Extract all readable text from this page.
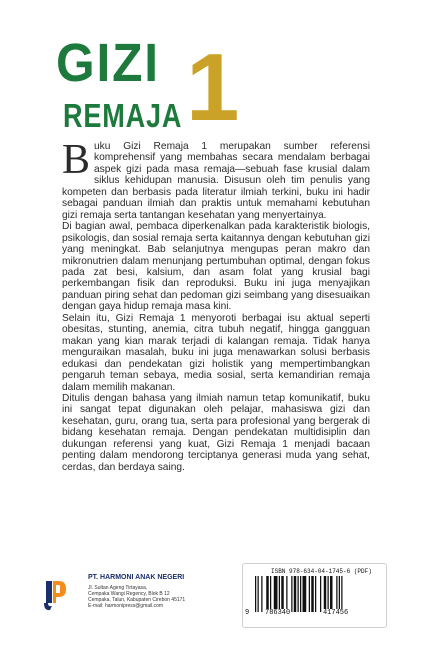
GIZI
REMAJA 1

Buku Gizi Remaja 1 merupakan sumber referensi komprehensif yang membahas secara mendalam berbagai aspek gizi pada masa remaja—sebuah fase krusial dalam siklus kehidupan manusia. Disusun oleh tim penulis yang kompeten dan berbasis pada literatur ilmiah terkini, buku ini hadir sebagai panduan ilmiah dan praktis untuk memahami kebutuhan gizi remaja serta tantangan kesehatan yang menyertainya.

Di bagian awal, pembaca diperkenalkan pada karakteristik biologis, psikologis, dan sosial remaja serta kaitannya dengan kebutuhan gizi yang meningkat. Bab selanjutnya mengupas peran makro dan mikronutrien dalam menunjang pertumbuhan optimal, dengan fokus pada zat besi, kalsium, dan asam folat yang krusial bagi perkembangan fisik dan reproduksi. Buku ini juga menyajikan panduan piring sehat dan pedoman gizi seimbang yang disesuaikan dengan gaya hidup remaja masa kini.

Selain itu, Gizi Remaja 1 menyoroti berbagai isu aktual seperti obesitas, stunting, anemia, citra tubuh negatif, hingga gangguan makan yang kian marak terjadi di kalangan remaja. Tidak hanya menguraikan masalah, buku ini juga menawarkan solusi berbasis edukasi dan pendekatan gizi holistik yang mempertimbangkan pengaruh teman sebaya, media sosial, serta kemandirian remaja dalam memilih makanan.

Ditulis dengan bahasa yang ilmiah namun tetap komunikatif, buku ini sangat tepat digunakan oleh pelajar, mahasiswa gizi dan kesehatan, guru, orang tua, serta para profesional yang bergerak di bidang kesehatan remaja. Dengan pendekatan multidisiplin dan dukungan referensi yang kuat, Gizi Remaja 1 menjadi bacaan penting dalam mendorong terciptanya generasi muda yang sehat, cerdas, dan berdaya saing.

PT. HARMONI ANAK NEGERI
Jl. Sultan Ageng Tirtayasa,
Cempaka Wangi Regency, Blok B 12
Cempaka, Talun, Kabupaten Cirebon 45171
E-mail: harmonipress@gmail.com
ISBN 978-634-04-1745-6 (PDF)
9 786340	417456
